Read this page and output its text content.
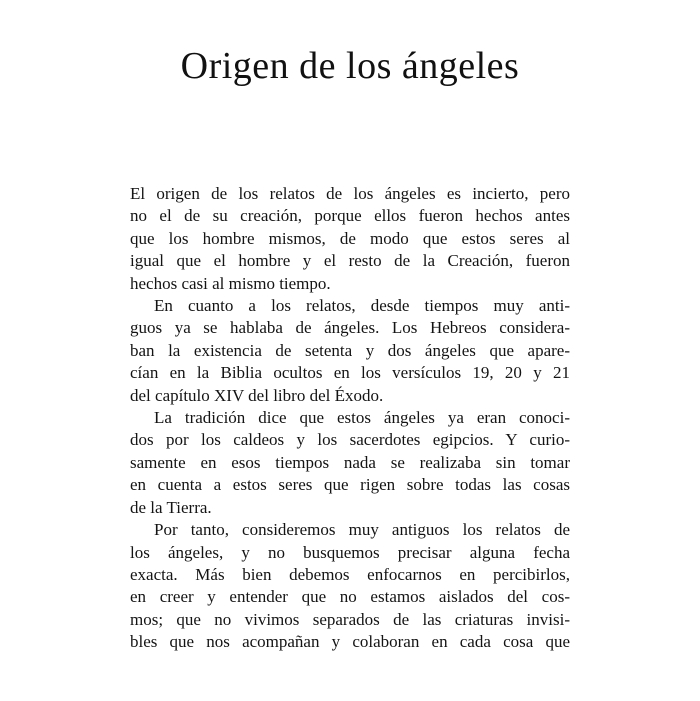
Origen de los ángeles
El origen de los relatos de los ángeles es incierto, pero
no el de su creación, porque ellos fueron hechos antes
que los hombre mismos, de modo que estos seres al
igual que el hombre y el resto de la Creación, fueron
hechos casi al mismo tiempo.
En cuanto a los relatos, desde tiempos muy anti-
guos ya se hablaba de ángeles. Los Hebreos considera-
ban la existencia de setenta y dos ángeles que apare-
cían en la Biblia ocultos en los versículos 19, 20 y 21
del capítulo XIV del libro del Éxodo.
La tradición dice que estos ángeles ya eran conoci-
dos por los caldeos y los sacerdotes egipcios. Y curio-
samente en esos tiempos nada se realizaba sin tomar
en cuenta a estos seres que rigen sobre todas las cosas
de la Tierra.
Por tanto, consideremos muy antiguos los relatos de
los ángeles, y no busquemos precisar alguna fecha
exacta. Más bien debemos enfocarnos en percibirlos,
en creer y entender que no estamos aislados del cos-
mos; que no vivimos separados de las criaturas invisi-
bles que nos acompañan y colaboran en cada cosa que
